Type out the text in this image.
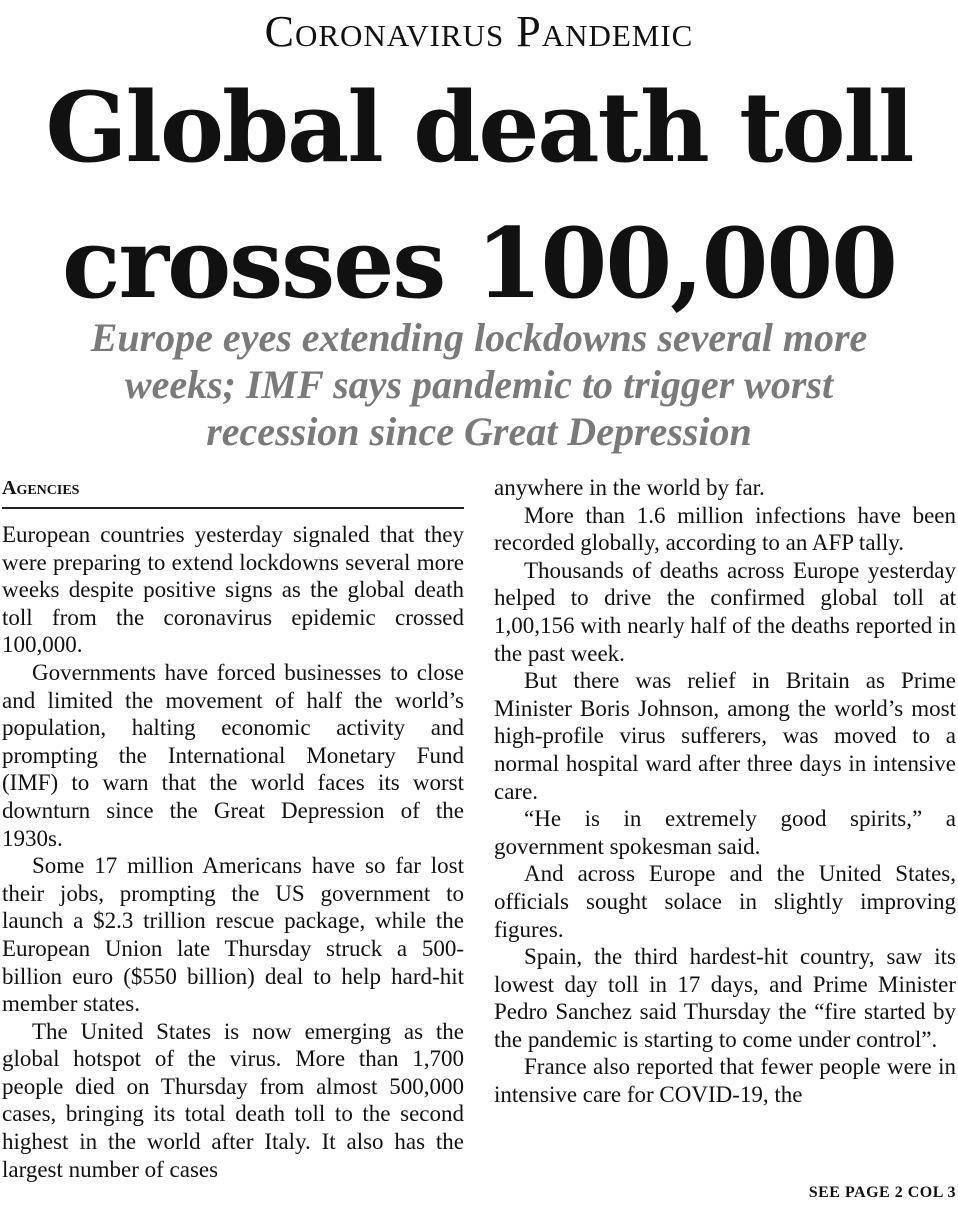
Coronavirus Pandemic
Global death toll
crosses 100,000
Europe eyes extending lockdowns several more
weeks; IMF says pandemic to trigger worst
recession since Great Depression
Agencies

European countries yesterday signaled that they were preparing to extend lockdowns several more weeks despite positive signs as the global death toll from the coronavirus epidemic crossed 100,000.

Governments have forced businesses to close and limited the movement of half the world’s population, halting economic activity and prompting the International Monetary Fund (IMF) to warn that the world faces its worst downturn since the Great Depression of the 1930s.

Some 17 million Americans have so far lost their jobs, prompting the US government to launch a $2.3 trillion rescue package, while the European Union late Thursday struck a 500-billion euro ($550 billion) deal to help hard-hit member states.

The United States is now emerging as the global hotspot of the virus. More than 1,700 people died on Thursday from almost 500,000 cases, bringing its total death toll to the second highest in the world after Italy. It also has the largest number of cases

anywhere in the world by far.

More than 1.6 million infections have been recorded globally, according to an AFP tally.

Thousands of deaths across Europe yesterday helped to drive the confirmed global toll at 1,00,156 with nearly half of the deaths reported in the past week.

But there was relief in Britain as Prime Minister Boris Johnson, among the world’s most high-profile virus sufferers, was moved to a normal hospital ward after three days in intensive care.

“He is in extremely good spirits,” a government spokesman said.

And across Europe and the United States, officials sought solace in slightly improving figures.

Spain, the third hardest-hit country, saw its lowest day toll in 17 days, and Prime Minister Pedro Sanchez said Thursday the “fire started by the pandemic is starting to come under control”.

France also reported that fewer people were in intensive care for COVID-19, the

SEE PAGE 2 COL 3
